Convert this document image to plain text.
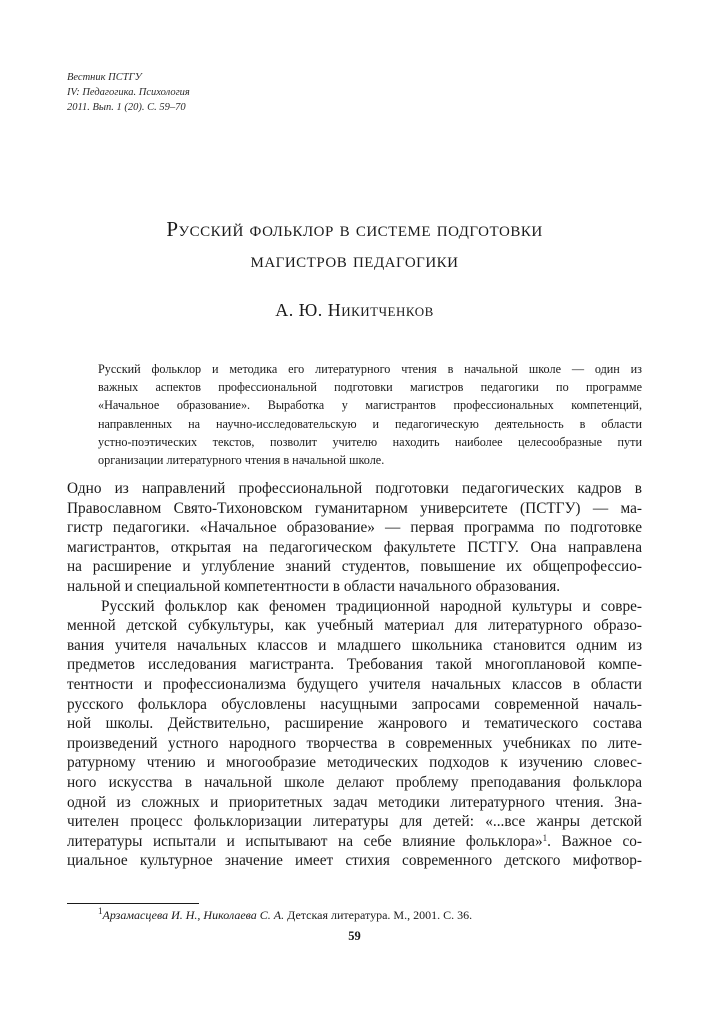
Вестник ПСТГУ
IV: Педагогика. Психология
2011. Вып. 1 (20). С. 59–70
Русский фольклор в системе подготовки
магистров педагогики
А. Ю. Никитченков
Русский фольклор и методика его литературного чтения в начальной школе — один из
важных аспектов профессиональной подготовки магистров педагогики по программе
«Начальное образование». Выработка у магистрантов профессиональных компетенций,
направленных на научно-исследовательскую и педагогическую деятельность в области
устно-поэтических текстов, позволит учителю находить наиболее целесообразные пути
организации литературного чтения в начальной школе.
Одно из направлений профессиональной подготовки педагогических кадров в
Православном Свято-Тихоновском гуманитарном университете (ПСТГУ) — ма-
гистр педагогики. «Начальное образование» — первая программа по подготовке
магистрантов, открытая на педагогическом факультете ПСТГУ. Она направлена
на расширение и углубление знаний студентов, повышение их общепрофессио-
нальной и специальной компетентности в области начального образования.
Русский фольклор как феномен традиционной народной культуры и совре-
менной детской субкультуры, как учебный материал для литературного образо-
вания учителя начальных классов и младшего школьника становится одним из
предметов исследования магистранта. Требования такой многоплановой компе-
тентности и профессионализма будущего учителя начальных классов в области
русского фольклора обусловлены насущными запросами современной началь-
ной школы. Действительно, расширение жанрового и тематического состава
произведений устного народного творчества в современных учебниках по лите-
ратурному чтению и многообразие методических подходов к изучению словес-
ного искусства в начальной школе делают проблему преподавания фольклора
одной из сложных и приоритетных задач методики литературного чтения. Зна-
чителен процесс фольклоризации литературы для детей: «...все жанры детской
литературы испытали и испытывают на себе влияние фольклора»$^1$. Важное со-
циальное культурное значение имеет стихия современного детского мифотвор-
$^1$Арзамасцева И. Н., Николаева С. А. Детская литература. М., 2001. С. 36.
59
